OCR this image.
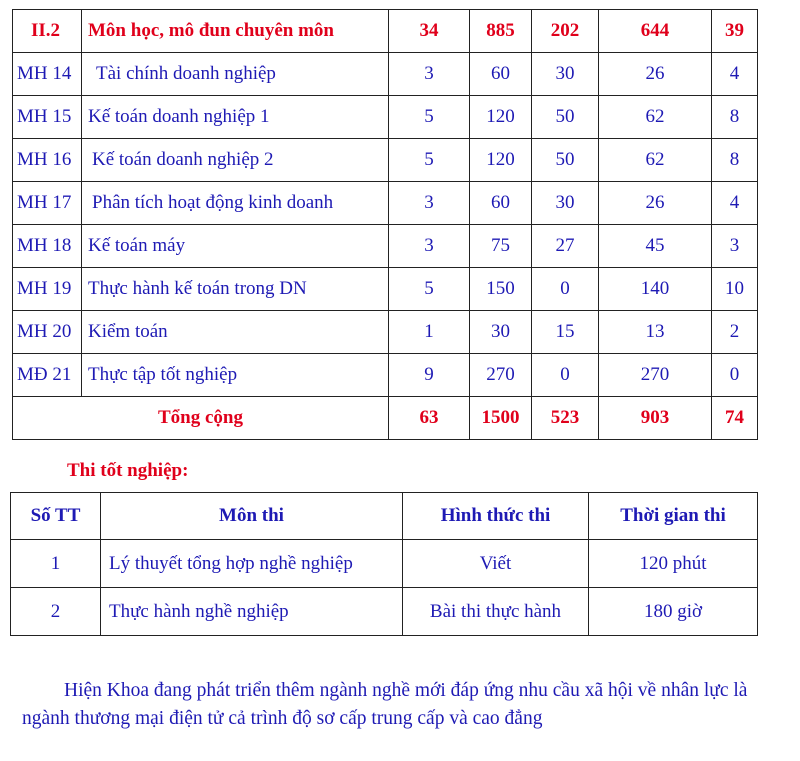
II.2	Môn học, mô đun chuyên môn	34	885	202	644	39
MH 14	Tài chính doanh nghiệp	3	60	30	26	4
MH 15	Kế toán doanh nghiệp 1	5	120	50	62	8
MH 16	Kế toán doanh nghiệp 2	5	120	50	62	8
MH 17	Phân tích hoạt động kinh doanh	3	60	30	26	4
MH 18	Kế toán máy	3	75	27	45	3
MH 19	Thực hành kế toán trong DN	5	150	0	140	10
MH 20	Kiểm toán	1	30	15	13	2
MĐ 21	Thực tập tốt nghiệp	9	270	0	270	0
Tổng cộng		63	1500	523	903	74

Thi tốt nghiệp:

Số TT	Môn thi	Hình thức thi	Thời gian thi
1	Lý thuyết tổng hợp nghề nghiệp	Viết	120 phút
2	Thực hành nghề nghiệp	Bài thi thực hành	180 giờ

Hiện Khoa đang phát triển thêm ngành nghề mới đáp ứng nhu cầu xã hội về nhân lực là ngành thương mại điện tử cả trình độ sơ cấp trung cấp và cao đẳng
